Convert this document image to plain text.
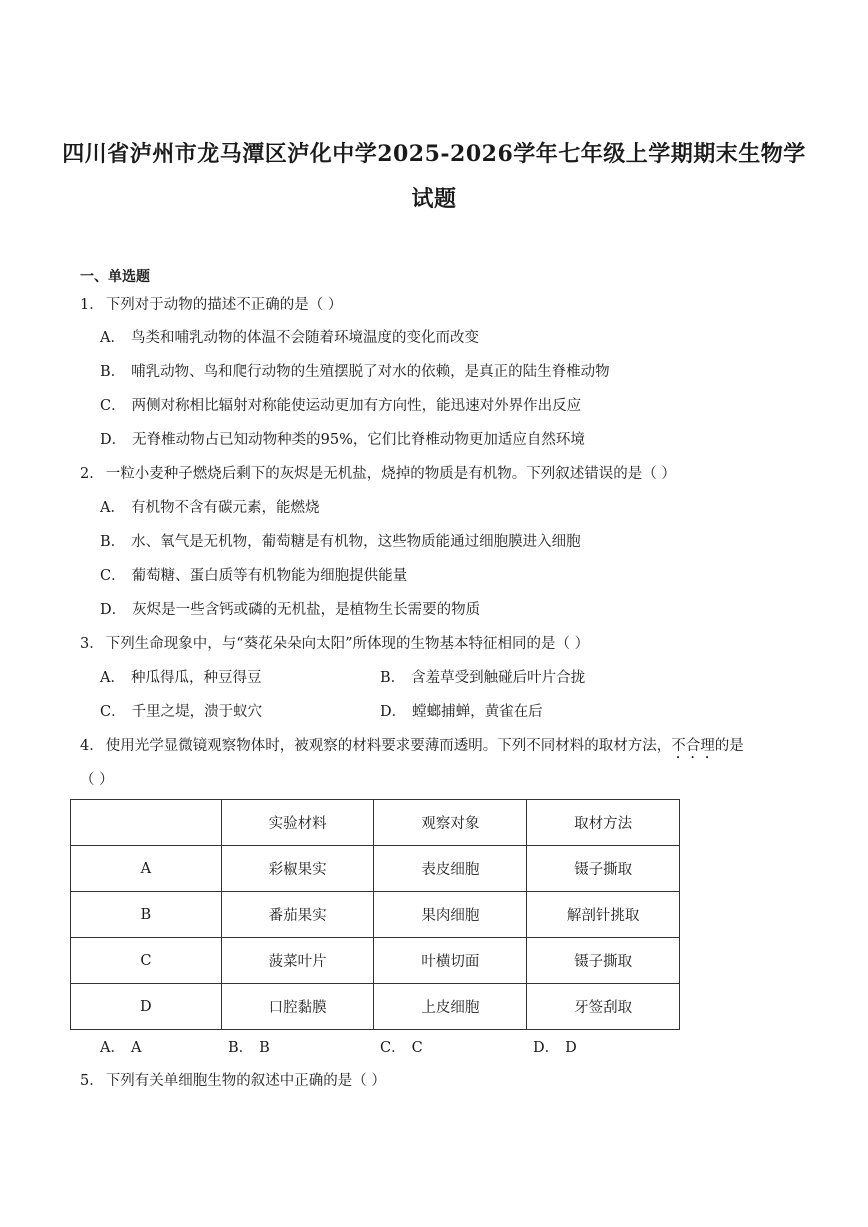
四川省泸州市龙马潭区泸化中学2025-2026学年七年级上学期期末生物学
试题
一、单选题
1． 下列对于动物的描述不正确的是（ ）
A． 鸟类和哺乳动物的体温不会随着环境温度的变化而改变
B． 哺乳动物、鸟和爬行动物的生殖摆脱了对水的依赖，是真正的陆生脊椎动物
C． 两侧对称相比辐射对称能使运动更加有方向性，能迅速对外界作出反应
D． 无脊椎动物占已知动物种类的95%，它们比脊椎动物更加适应自然环境
2． 一粒小麦种子燃烧后剩下的灰烬是无机盐，烧掉的物质是有机物。下列叙述错误的是（ ）
A． 有机物不含有碳元素，能燃烧
B． 水、氧气是无机物，葡萄糖是有机物，这些物质能通过细胞膜进入细胞
C． 葡萄糖、蛋白质等有机物能为细胞提供能量
D． 灰烬是一些含钙或磷的无机盐，是植物生长需要的物质
3． 下列生命现象中，与“葵花朵朵向太阳”所体现的生物基本特征相同的是（ ）
A． 种瓜得瓜，种豆得豆	B． 含羞草受到触碰后叶片合拢
C． 千里之堤，溃于蚁穴	D． 螳螂捕蝉，黄雀在后
4． 使用光学显微镜观察物体时，被观察的材料要求要薄而透明。下列不同材料的取材方法，不合理的是
（ ）
	实验材料	观察对象	取材方法
A	彩椒果实	表皮细胞	镊子撕取
B	番茄果实	果肉细胞	解剖针挑取
C	菠菜叶片	叶横切面	镊子撕取
D	口腔黏膜	上皮细胞	牙签刮取
A． A	B． B	C． C	D． D
5． 下列有关单细胞生物的叙述中正确的是（ ）
